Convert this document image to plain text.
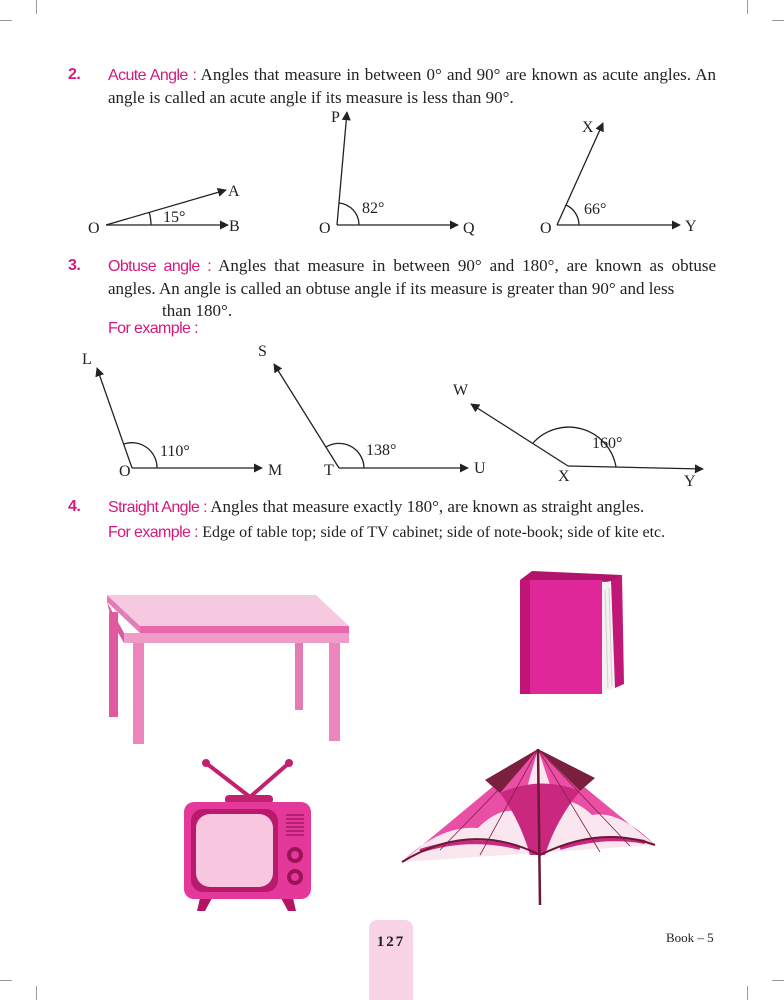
2. Acute Angle : Angles that measure in between 0° and 90° are known as acute angles. An angle is called an acute angle if its measure is less than 90°.
3. Obtuse angle : Angles that measure in between 90° and 180°, are known as obtuse angles. An angle is called an obtuse angle if its measure is greater than 90° and less
than 180°.
For example :
4. Straight Angle : Angles that measure exactly 180°, are known as straight angles.
For example : Edge of table top; side of TV cabinet; side of note-book; side of kite etc.
O
A
B
15°
O
P
Q
82°
O
X
Y
66°
O
L
M
110°
T
S
U
138°
X
W
Y
160°
127	Book – 5
